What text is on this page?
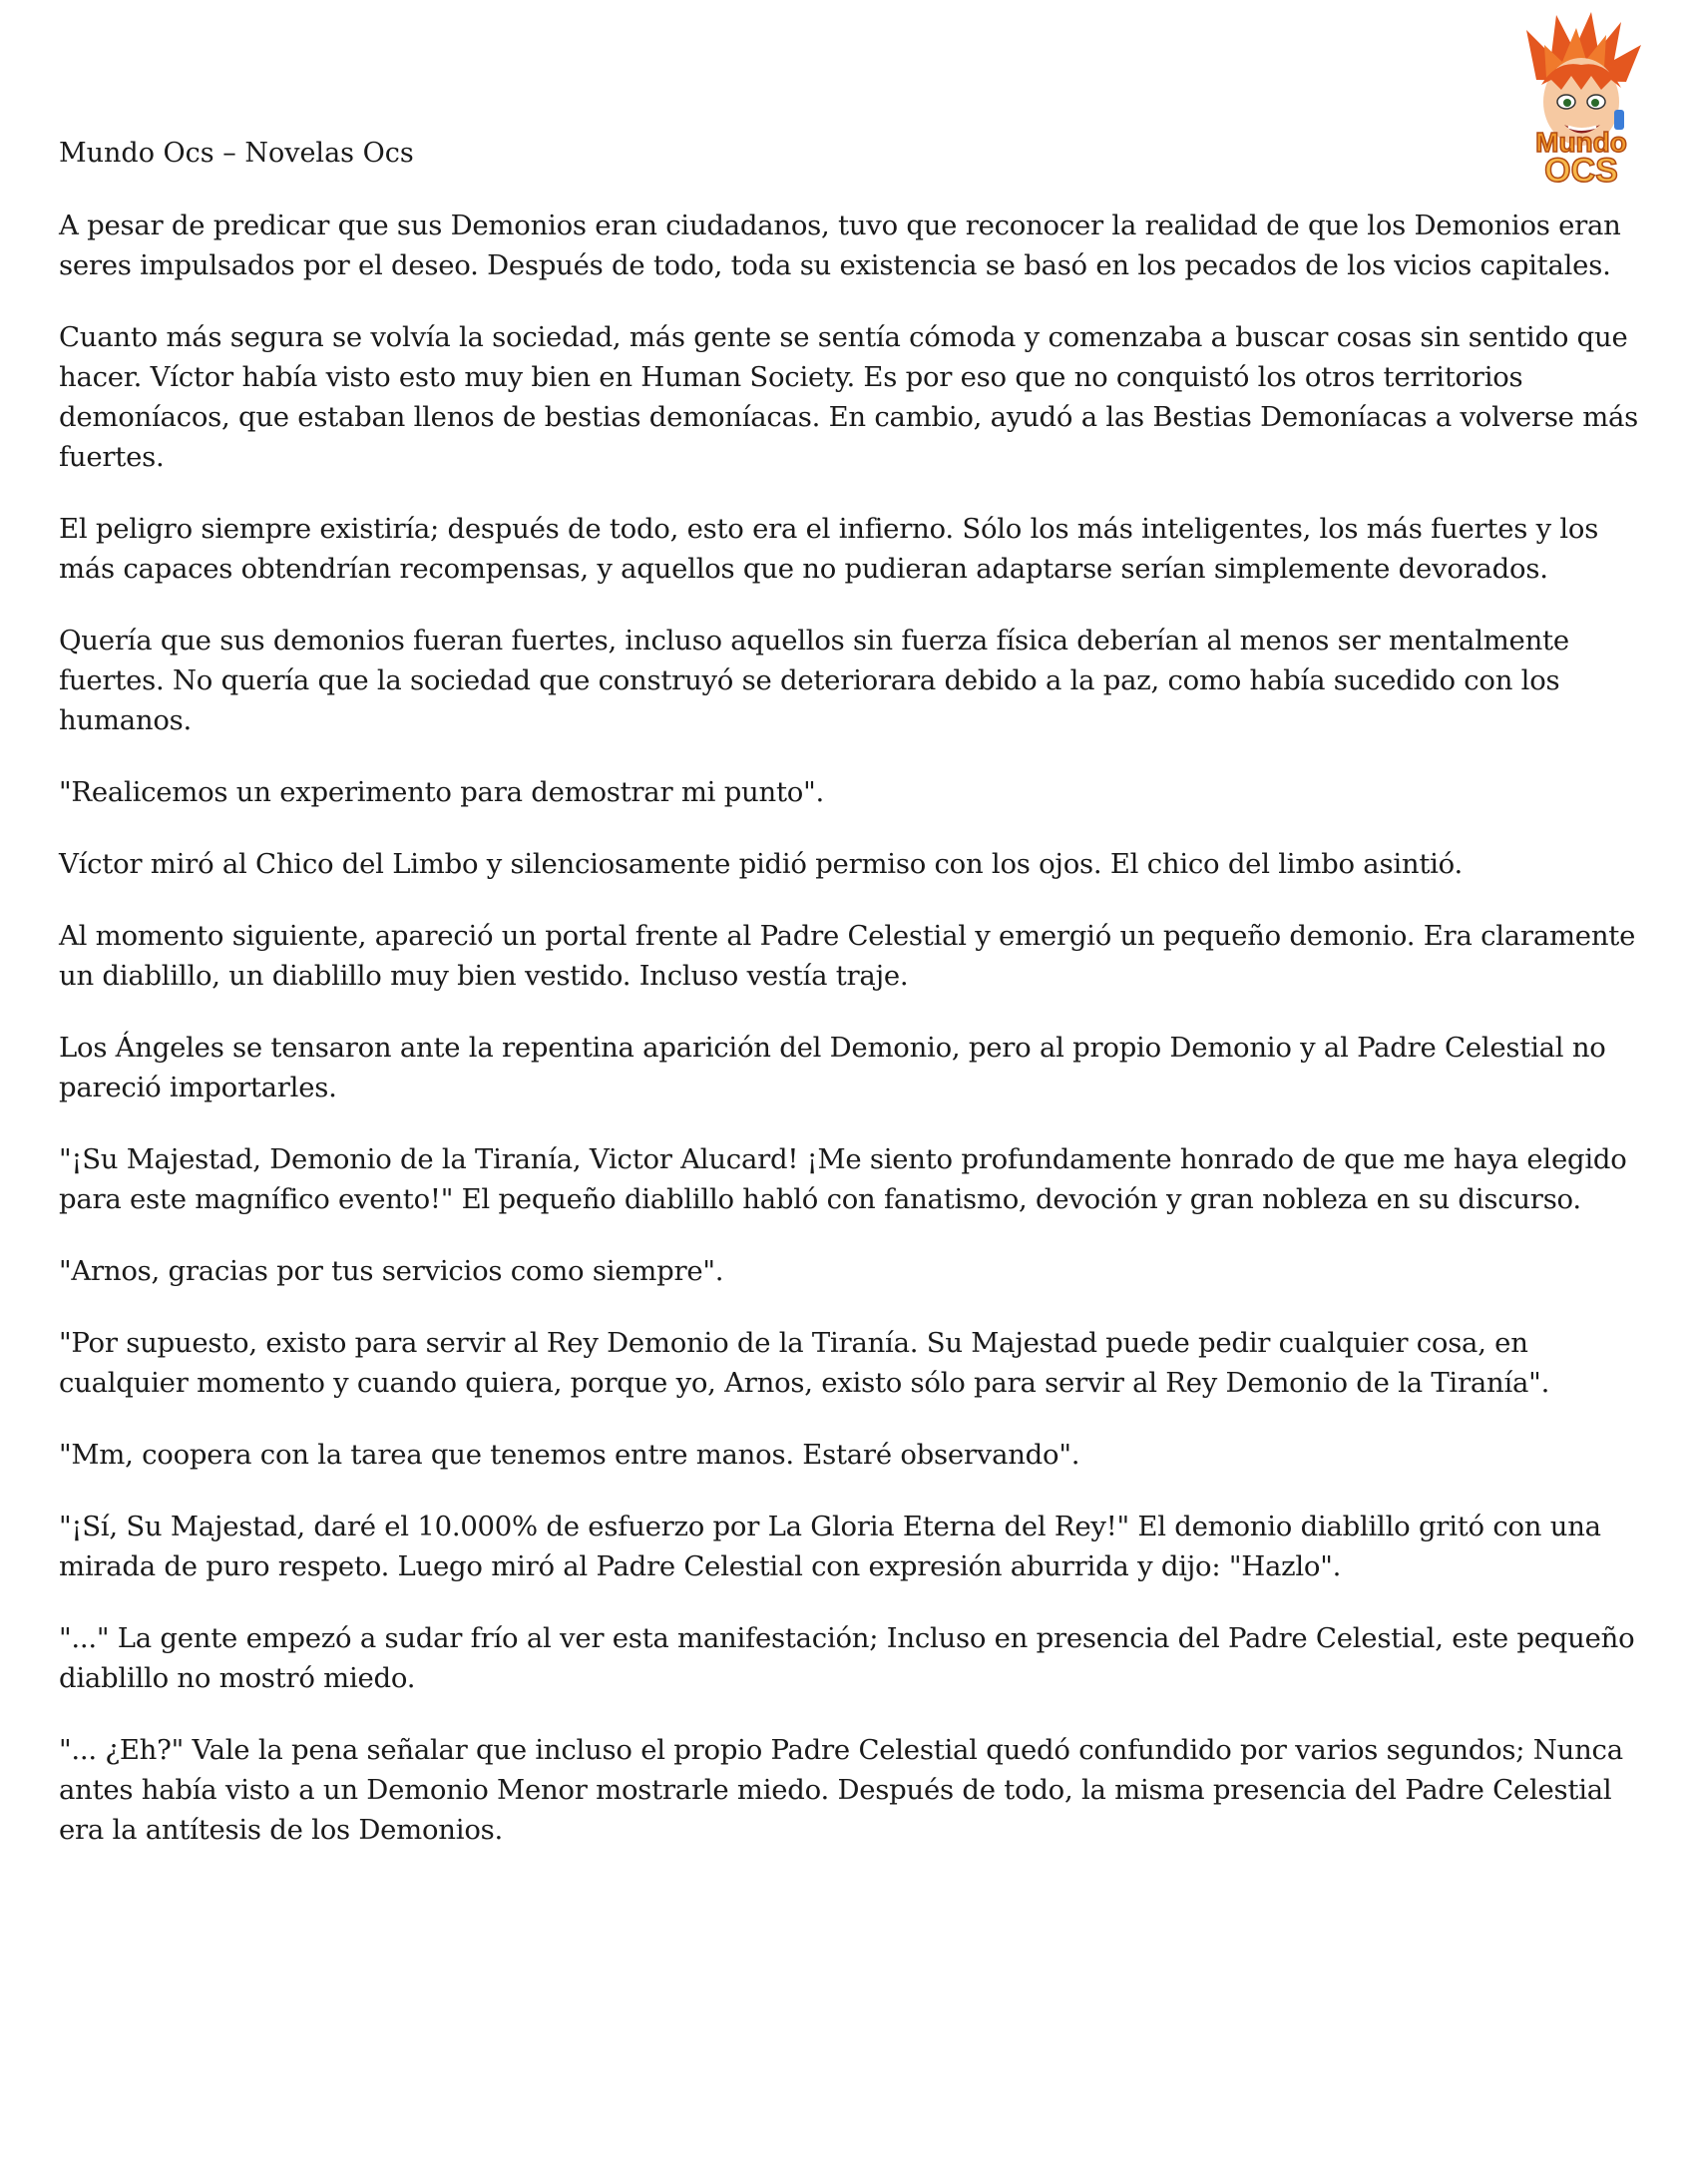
Mundo
OCS

Mundo Ocs – Novelas Ocs

A pesar de predicar que sus Demonios eran ciudadanos, tuvo que reconocer la realidad de que los Demonios eran seres impulsados por el deseo. Después de todo, toda su existencia se basó en los pecados de los vicios capitales.

Cuanto más segura se volvía la sociedad, más gente se sentía cómoda y comenzaba a buscar cosas sin sentido que hacer. Víctor había visto esto muy bien en Human Society. Es por eso que no conquistó los otros territorios demoníacos, que estaban llenos de bestias demoníacas. En cambio, ayudó a las Bestias Demoníacas a volverse más fuertes.

El peligro siempre existiría; después de todo, esto era el infierno. Sólo los más inteligentes, los más fuertes y los más capaces obtendrían recompensas, y aquellos que no pudieran adaptarse serían simplemente devorados.

Quería que sus demonios fueran fuertes, incluso aquellos sin fuerza física deberían al menos ser mentalmente fuertes. No quería que la sociedad que construyó se deteriorara debido a la paz, como había sucedido con los humanos.

"Realicemos un experimento para demostrar mi punto".

Víctor miró al Chico del Limbo y silenciosamente pidió permiso con los ojos. El chico del limbo asintió.

Al momento siguiente, apareció un portal frente al Padre Celestial y emergió un pequeño demonio. Era claramente un diablillo, un diablillo muy bien vestido. Incluso vestía traje.

Los Ángeles se tensaron ante la repentina aparición del Demonio, pero al propio Demonio y al Padre Celestial no pareció importarles.

"¡Su Majestad, Demonio de la Tiranía, Victor Alucard! ¡Me siento profundamente honrado de que me haya elegido para este magnífico evento!" El pequeño diablillo habló con fanatismo, devoción y gran nobleza en su discurso.

"Arnos, gracias por tus servicios como siempre".

"Por supuesto, existo para servir al Rey Demonio de la Tiranía. Su Majestad puede pedir cualquier cosa, en cualquier momento y cuando quiera, porque yo, Arnos, existo sólo para servir al Rey Demonio de la Tiranía".

"Mm, coopera con la tarea que tenemos entre manos. Estaré observando".

"¡Sí, Su Majestad, daré el 10.000% de esfuerzo por La Gloria Eterna del Rey!" El demonio diablillo gritó con una mirada de puro respeto. Luego miró al Padre Celestial con expresión aburrida y dijo: "Hazlo".

"..." La gente empezó a sudar frío al ver esta manifestación; Incluso en presencia del Padre Celestial, este pequeño diablillo no mostró miedo.

"... ¿Eh?" Vale la pena señalar que incluso el propio Padre Celestial quedó confundido por varios segundos; Nunca antes había visto a un Demonio Menor mostrarle miedo. Después de todo, la misma presencia del Padre Celestial era la antítesis de los Demonios.
